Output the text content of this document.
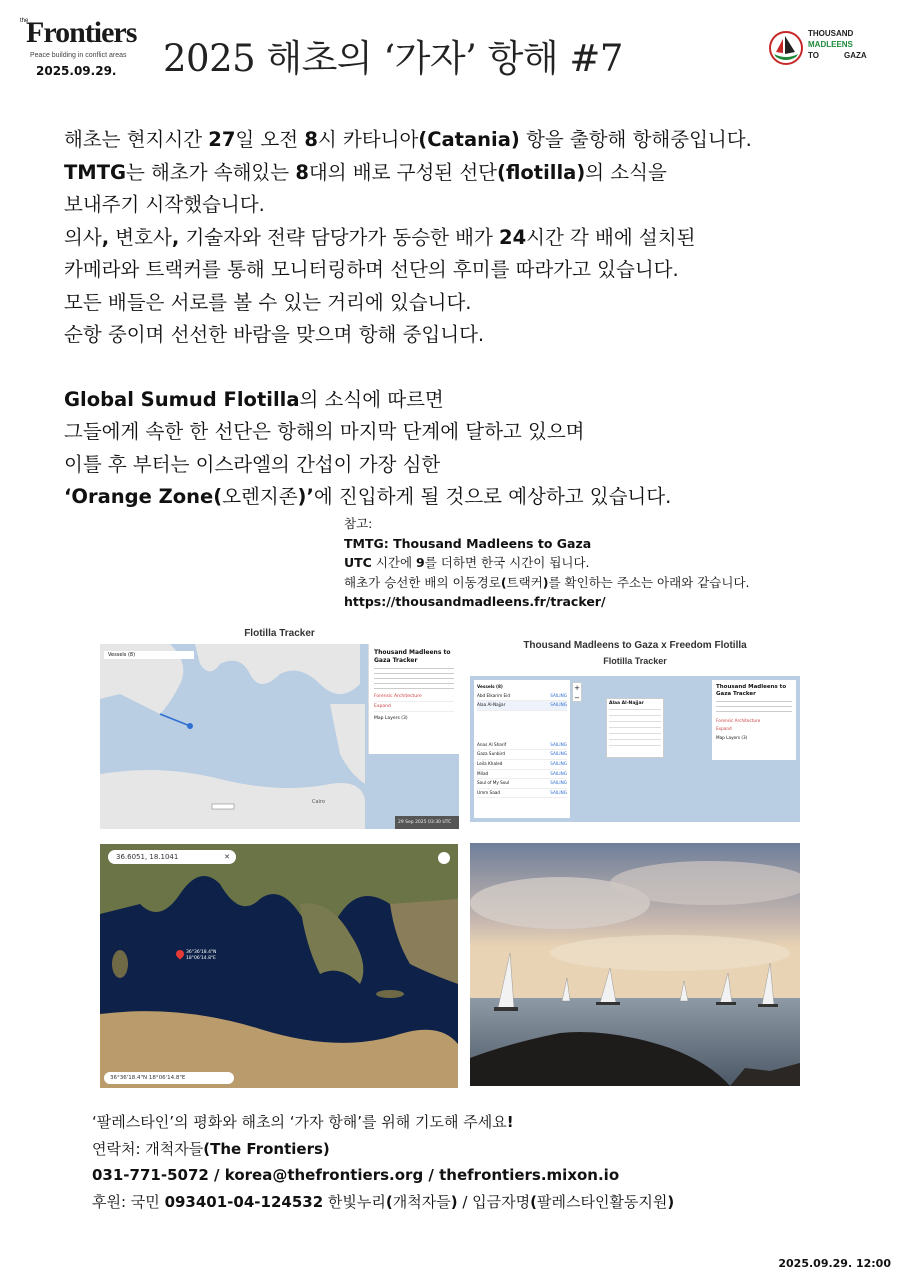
the
Frontiers
Peace building in conflict areas
2025.09.29. 2025 해초의 ‘가자’ 항해 #7
THOUSAND
MADLEENS
TO	GAZA

해초는 현지시간 27일 오전 8시 카타니아(Catania) 항을 출항해 항해중입니다.

TMTG는 해초가 속해있는 8대의 배로 구성된 선단(flotilla)의 소식을

보내주기 시작했습니다.

의사, 변호사, 기술자와 전략 담당가가 동승한 배가 24시간 각 배에 설치된

카메라와 트랙커를 통해 모니터링하며 선단의 후미를 따라가고 있습니다.

모든 배들은 서로를 볼 수 있는 거리에 있습니다.

순항 중이며 선선한 바람을 맞으며 항해 중입니다.

Global Sumud Flotilla의 소식에 따르면

그들에게 속한 한 선단은 항해의 마지막 단계에 달하고 있으며

이틀 후 부터는 이스라엘의 간섭이 가장 심한

‘Orange Zone(오렌지존)’에 진입하게 될 것으로 예상하고 있습니다.

참고:
TMTG: Thousand Madleens to Gaza
UTC 시간에 9를 더하면 한국 시간이 됩니다.
해초가 승선한 배의 이동경로(트랙커)를 확인하는 주소는 아래와 같습니다.
https://thousandmadleens.fr/tracker/
Flotilla Tracker
Vessels (8)
Cairo
29 Sep 2025 03:30 UTC
Thousand Madleens to Gaza Tracker
Forensic Architecture
Expand
Map Layers (3)
Thousand Madleens to Gaza x Freedom Flotilla
Flotilla Tracker
Vessels (8)
Abd Elkarim Eid	SAILING
Alaa Al-Najjar	SAILING
Anas Al Sharif	SAILING
Gaza Sunbird	SAILING
Leila Khaled	SAILING
Milad	SAILING
Soul of My Soul	SAILING
Umm Saad	SAILING
+
−
Alaa Al-Najjar
Thousand Madleens to Gaza Tracker
Forensic Architecture
Expand
Map Layers (3)
36.6051, 18.1041	✕
36°36'18.4"N 18°06'14.8"E
36°36'18.4"N 18°06'14.8"E
‘팔레스타인’의 평화와 해초의 ‘가자 항해’를 위해 기도해 주세요!
연락처: 개척자들(The Frontiers)
031-771-5072 / korea@thefrontiers.org / thefrontiers.mixon.io
후원: 국민 093401-04-124532 한빛누리(개척자들) / 입금자명(팔레스타인활동지원)
2025.09.29. 12:00
